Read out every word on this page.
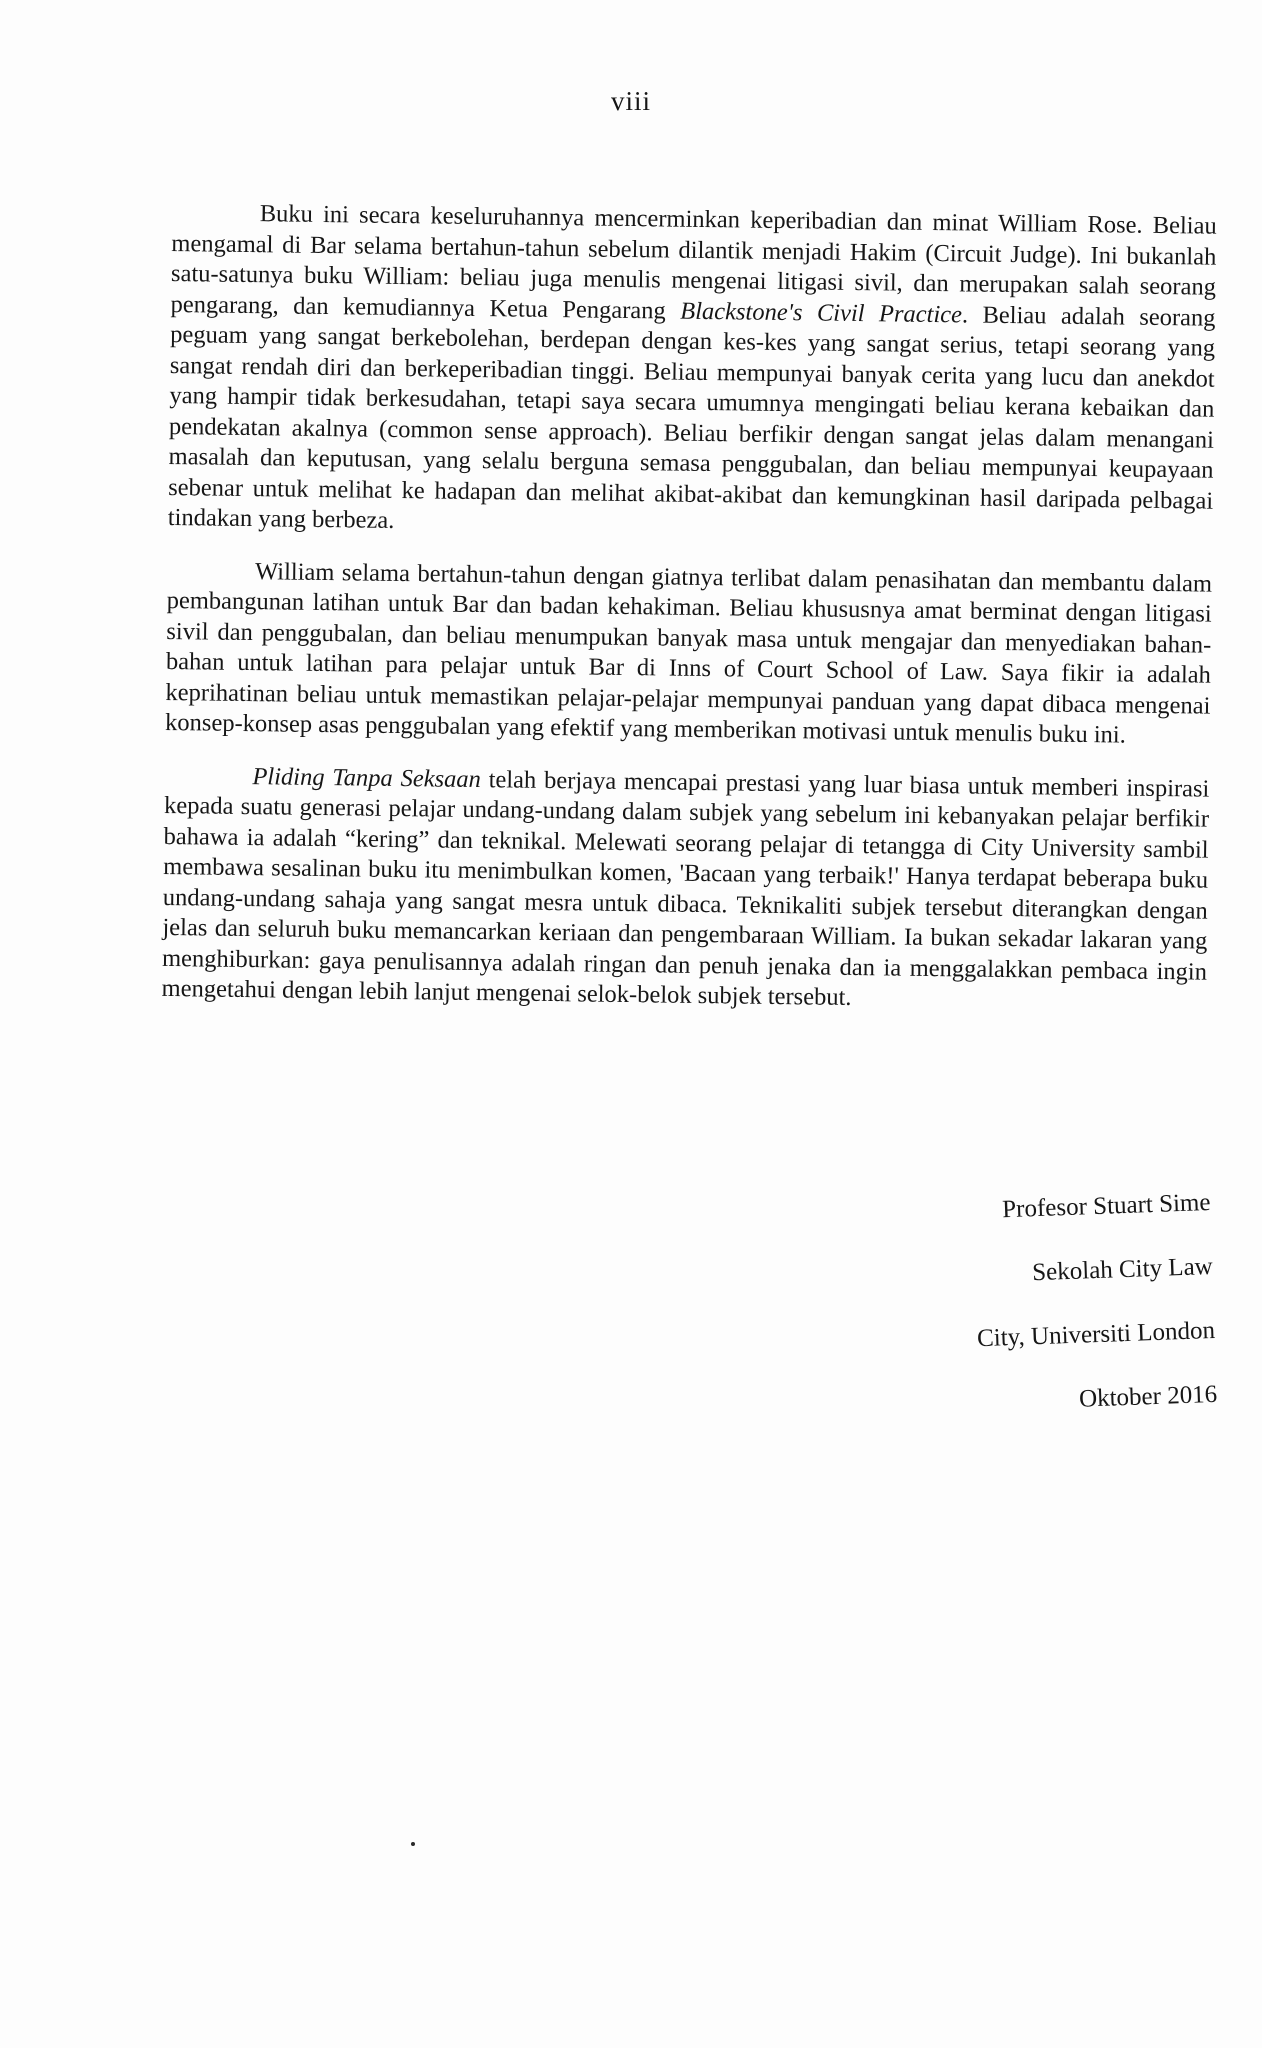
viii

Buku ini secara keseluruhannya mencerminkan keperibadian dan minat William Rose. Beliau mengamal di Bar selama bertahun-tahun sebelum dilantik menjadi Hakim (Circuit Judge). Ini bukanlah satu-satunya buku William: beliau juga menulis mengenai litigasi sivil, dan merupakan salah seorang pengarang, dan kemudiannya Ketua Pengarang Blackstone's Civil Practice. Beliau adalah seorang peguam yang sangat berkebolehan, berdepan dengan kes-kes yang sangat serius, tetapi seorang yang sangat rendah diri dan berkeperibadian tinggi. Beliau mempunyai banyak cerita yang lucu dan anekdot yang hampir tidak berkesudahan, tetapi saya secara umumnya mengingati beliau kerana kebaikan dan pendekatan akalnya (common sense approach). Beliau berfikir dengan sangat jelas dalam menangani masalah dan keputusan, yang selalu berguna semasa penggubalan, dan beliau mempunyai keupayaan sebenar untuk melihat ke hadapan dan melihat akibat-akibat dan kemungkinan hasil daripada pelbagai tindakan yang berbeza.

William selama bertahun-tahun dengan giatnya terlibat dalam penasihatan dan membantu dalam pembangunan latihan untuk Bar dan badan kehakiman. Beliau khususnya amat berminat dengan litigasi sivil dan penggubalan, dan beliau menumpukan banyak masa untuk mengajar dan menyediakan bahan-bahan untuk latihan para pelajar untuk Bar di Inns of Court School of Law. Saya fikir ia adalah keprihatinan beliau untuk memastikan pelajar-pelajar mempunyai panduan yang dapat dibaca mengenai konsep-konsep asas penggubalan yang efektif yang memberikan motivasi untuk menulis buku ini.

Pliding Tanpa Seksaan telah berjaya mencapai prestasi yang luar biasa untuk memberi inspirasi kepada suatu generasi pelajar undang-undang dalam subjek yang sebelum ini kebanyakan pelajar berfikir bahawa ia adalah “kering” dan teknikal. Melewati seorang pelajar di tetangga di City University sambil membawa sesalinan buku itu menimbulkan komen, 'Bacaan yang terbaik!' Hanya terdapat beberapa buku undang-undang sahaja yang sangat mesra untuk dibaca. Teknikaliti subjek tersebut diterangkan dengan jelas dan seluruh buku memancarkan keriaan dan pengembaraan William. Ia bukan sekadar lakaran yang menghiburkan: gaya penulisannya adalah ringan dan penuh jenaka dan ia menggalakkan pembaca ingin mengetahui dengan lebih lanjut mengenai selok-belok subjek tersebut.

Profesor Stuart Sime
Sekolah City Law
City, Universiti London
Oktober 2016
